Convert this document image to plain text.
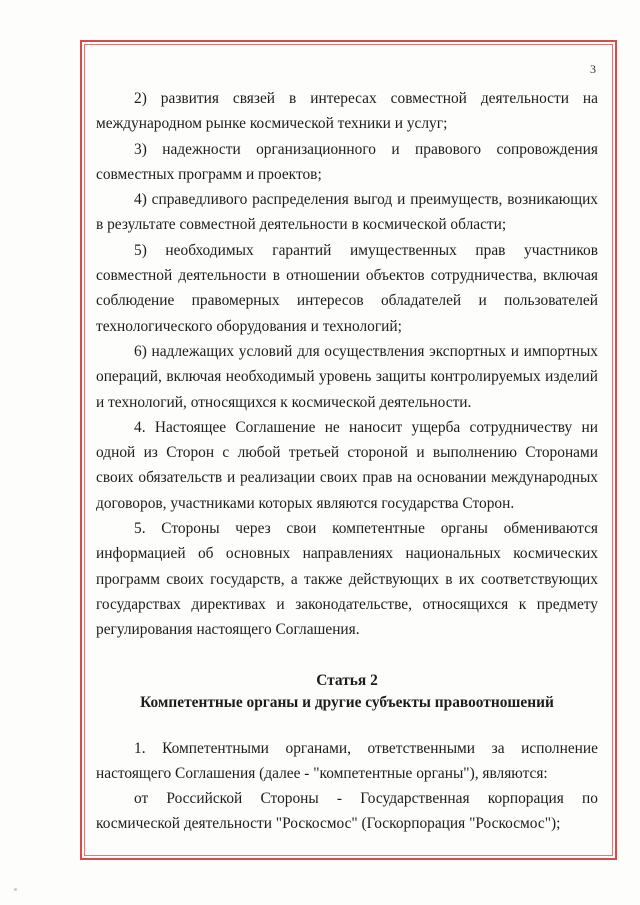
3

2) развития связей в интересах совместной деятельности на международном рынке космической техники и услуг;

3) надежности организационного и правового сопровождения совместных программ и проектов;

4) справедливого распределения выгод и преимуществ, возникающих в результате совместной деятельности в космической области;

5) необходимых гарантий имущественных прав участников совместной деятельности в отношении объектов сотрудничества, включая соблюдение правомерных интересов обладателей и пользователей технологического оборудования и технологий;

6) надлежащих условий для осуществления экспортных и импортных операций, включая необходимый уровень защиты контролируемых изделий и технологий, относящихся к космической деятельности.

4. Настоящее Соглашение не наносит ущерба сотрудничеству ни одной из Сторон с любой третьей стороной и выполнению Сторонами своих обязательств и реализации своих прав на основании международных договоров, участниками которых являются государства Сторон.

5. Стороны через свои компетентные органы обмениваются информацией об основных направлениях национальных космических программ своих государств, а также действующих в их соответствующих государствах директивах и законодательстве, относящихся к предмету регулирования настоящего Соглашения.

Статья 2

Компетентные органы и другие субъекты правоотношений

1. Компетентными органами, ответственными за исполнение настоящего Соглашения (далее - "компетентные органы"), являются:

от Российской Стороны - Государственная корпорация по космической деятельности "Роскосмос" (Госкорпорация "Роскосмос");
